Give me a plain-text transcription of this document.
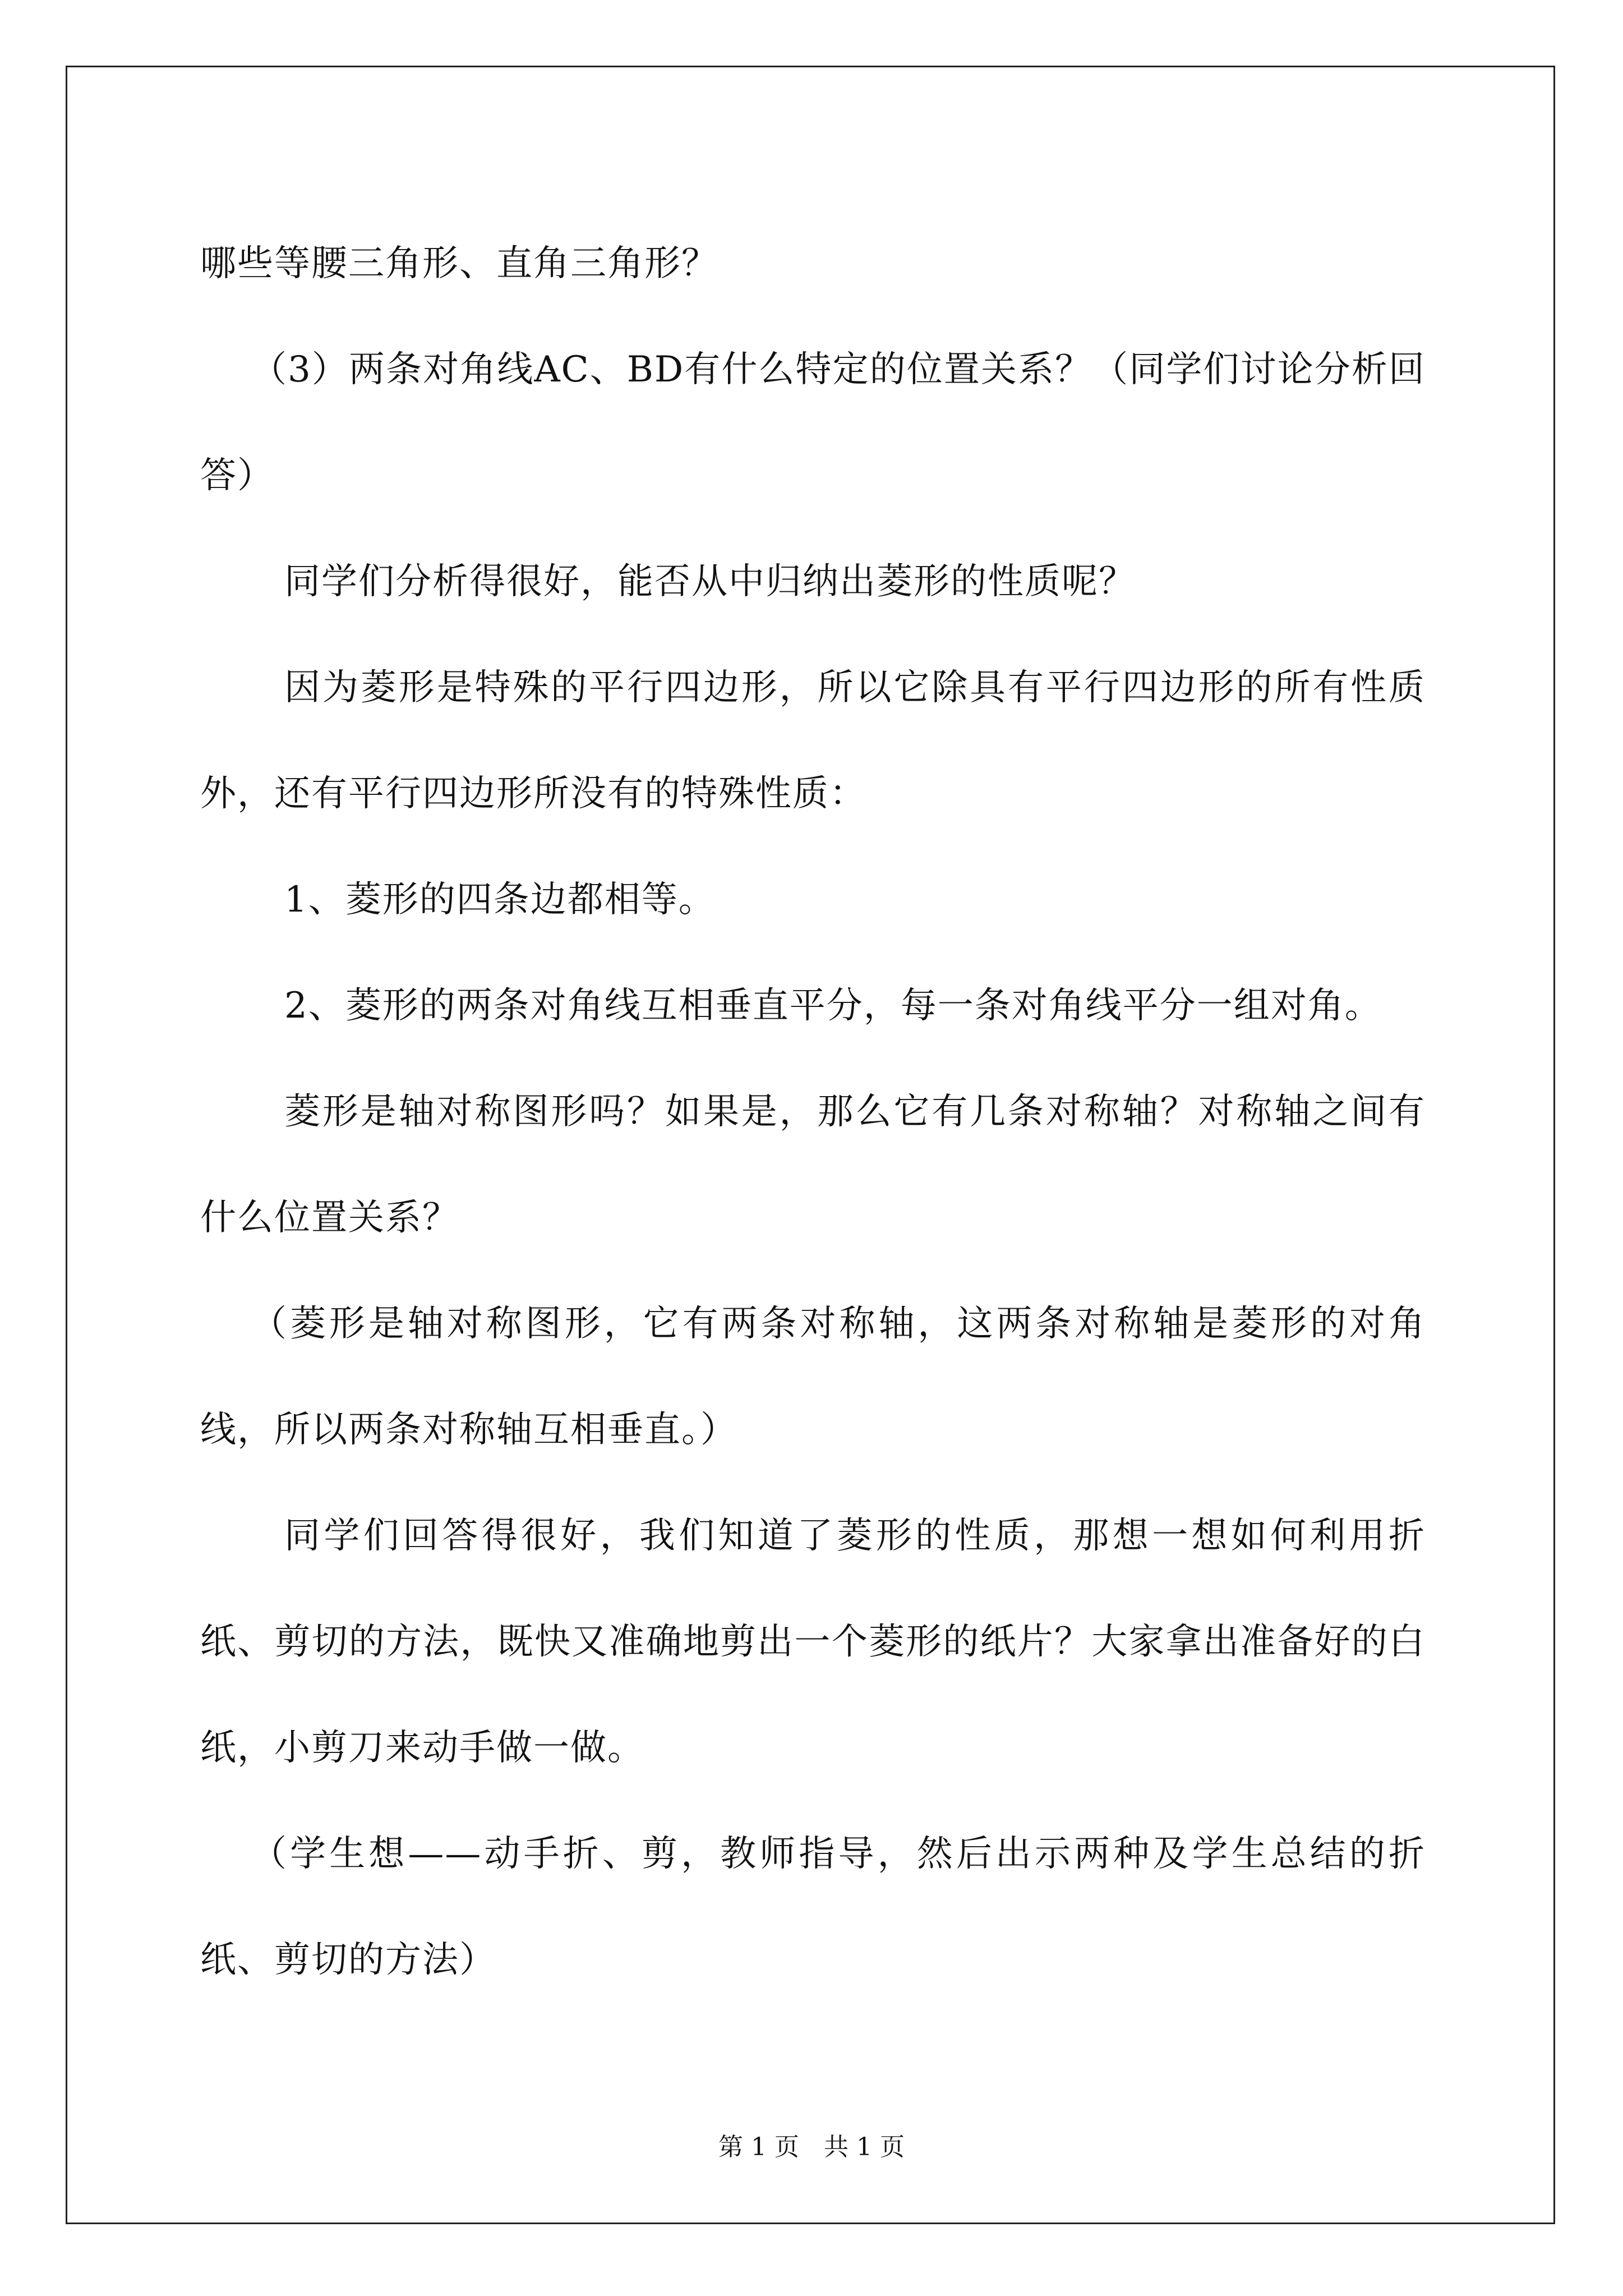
哪些等腰三角形、直角三角形？

（3）两条对角线AC、BD有什么特定的位置关系？（同学们讨论分析回答）

同学们分析得很好，能否从中归纳出菱形的性质呢？

因为菱形是特殊的平行四边形，所以它除具有平行四边形的所有性质外，还有平行四边形所没有的特殊性质：

1、菱形的四条边都相等。

2、菱形的两条对角线互相垂直平分，每一条对角线平分一组对角。

菱形是轴对称图形吗？如果是，那么它有几条对称轴？对称轴之间有什么位置关系？

（菱形是轴对称图形，它有两条对称轴，这两条对称轴是菱形的对角线，所以两条对称轴互相垂直。）

同学们回答得很好，我们知道了菱形的性质，那想一想如何利用折纸、剪切的方法，既快又准确地剪出一个菱形的纸片？大家拿出准备好的白纸，小剪刀来动手做一做。

（学生想——动手折、剪，教师指导，然后出示两种及学生总结的折纸、剪切的方法）

第 1 页　共 1 页
